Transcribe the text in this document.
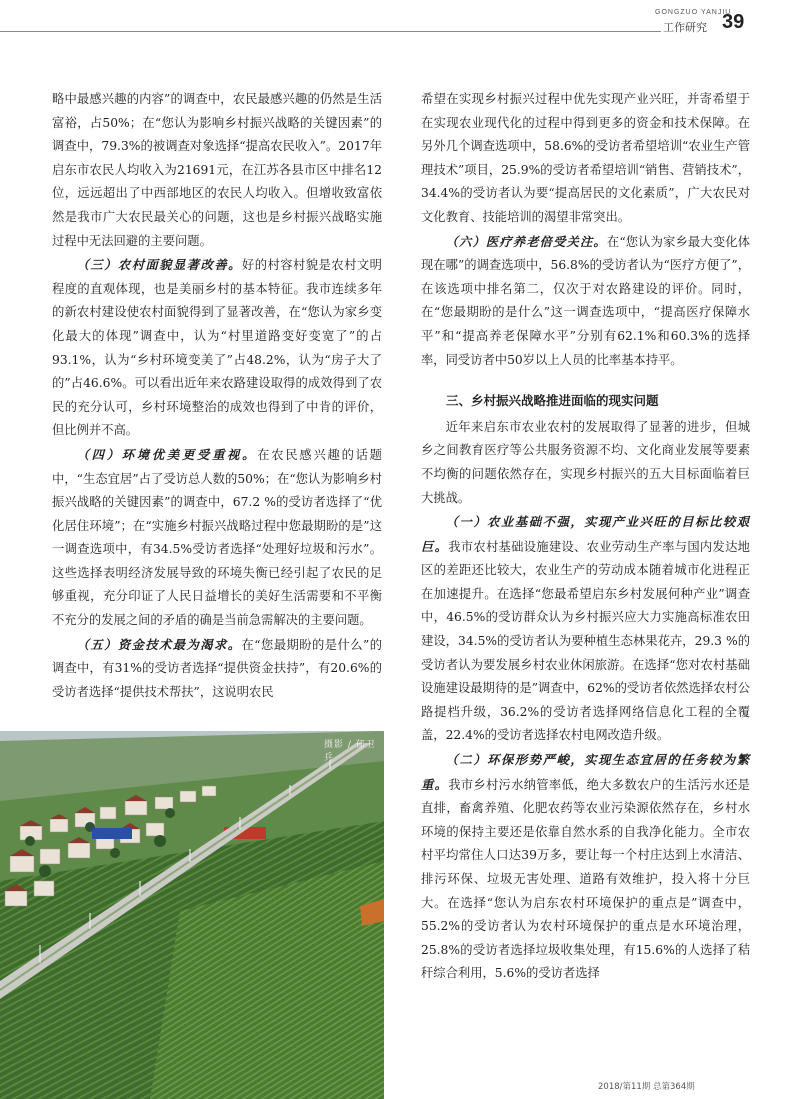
GONGZUO YANJIU
工作研究 39

略中最感兴趣的内容”的调查中，农民最感兴趣的仍然是生活富裕，占50%；在“您认为影响乡村振兴战略的关键因素”的调查中，79.3%的被调查对象选择“提高农民收入”。2017年启东市农民人均收入为21691元，在江苏各县市区中排名12位，远远超出了中西部地区的农民人均收入。但增收致富依然是我市广大农民最关心的问题，这也是乡村振兴战略实施过程中无法回避的主要问题。

（三）农村面貌显著改善。好的村容村貌是农村文明程度的直观体现，也是美丽乡村的基本特征。我市连续多年的新农村建设使农村面貌得到了显著改善，在“您认为家乡变化最大的体现”调查中，认为“村里道路变好变宽了”的占93.1%，认为“乡村环境变美了”占48.2%，认为“房子大了的”占46.6%。可以看出近年来农路建设取得的成效得到了农民的充分认可，乡村环境整治的成效也得到了中肯的评价，但比例并不高。

（四）环境优美更受重视。在农民感兴趣的话题中，“生态宜居”占了受访总人数的50%；在“您认为影响乡村振兴战略的关键因素”的调查中，67.2 %的受访者选择了“优化居住环境”；在“实施乡村振兴战略过程中您最期盼的是”这一调查选项中，有34.5%受访者选择“处理好垃圾和污水”。这些选择表明经济发展导致的环境失衡已经引起了农民的足够重视，充分印证了人民日益增长的美好生活需要和不平衡不充分的发展之间的矛盾的确是当前急需解决的主要问题。

（五）资金技术最为渴求。在“您最期盼的是什么”的调查中，有31%的受访者选择“提供资金扶持”，有20.6%的受访者选择“提供技术帮扶”，这说明农民

希望在实现乡村振兴过程中优先实现产业兴旺，并寄希望于在实现农业现代化的过程中得到更多的资金和技术保障。在另外几个调查选项中，58.6%的受访者希望培训“农业生产管理技术”项目，25.9%的受访者希望培训“销售、营销技术”，34.4%的受访者认为要“提高居民的文化素质”，广大农民对文化教育、技能培训的渴望非常突出。

（六）医疗养老倍受关注。在“您认为家乡最大变化体现在哪”的调查选项中，56.8%的受访者认为“医疗方便了”，在该选项中排名第二，仅次于对农路建设的评价。同时，在“您最期盼的是什么”这一调查选项中，“提高医疗保障水平”和“提高养老保障水平”分别有62.1%和60.3%的选择率，同受访者中50岁以上人员的比率基本持平。

三、乡村振兴战略推进面临的现实问题

近年来启东市农业农村的发展取得了显著的进步，但城乡之间教育医疗等公共服务资源不均、文化商业发展等要素不均衡的问题依然存在，实现乡村振兴的五大目标面临着巨大挑战。

（一）农业基础不强，实现产业兴旺的目标比较艰巨。我市农村基础设施建设、农业劳动生产率与国内发达地区的差距还比较大，农业生产的劳动成本随着城市化进程正在加速提升。在选择“您最希望启东乡村发展何种产业”调查中，46.5%的受访群众认为乡村振兴应大力实施高标准农田建设，34.5%的受访者认为要种植生态林果花卉，29.3 %的受访者认为要发展乡村农业休闲旅游。在选择“您对农村基础设施建设最期待的是”调查中，62%的受访者依然选择农村公路提档升级，36.2%的受访者选择网络信息化工程的全覆盖，22.4%的受访者选择农村电网改造升级。

（二）环保形势严峻，实现生态宜居的任务较为繁重。我市乡村污水纳管率低，绝大多数农户的生活污水还是直排，畜禽养殖、化肥农药等农业污染源依然存在，乡村水环境的保持主要还是依靠自然水系的自我净化能力。全市农村平均常住人口达39万多，要让每一个村庄达到上水清洁、排污环保、垃圾无害处理、道路有效维护，投入将十分巨大。在选择“您认为启东农村环境保护的重点是”调查中，55.2%的受访者认为农村环境保护的重点是水环境治理，25.8%的受访者选择垃圾收集处理，有15.6%的人选择了秸秆综合利用，5.6%的受访者选择

摄影 / 郁卫兵
2018/第11期 总第364期
